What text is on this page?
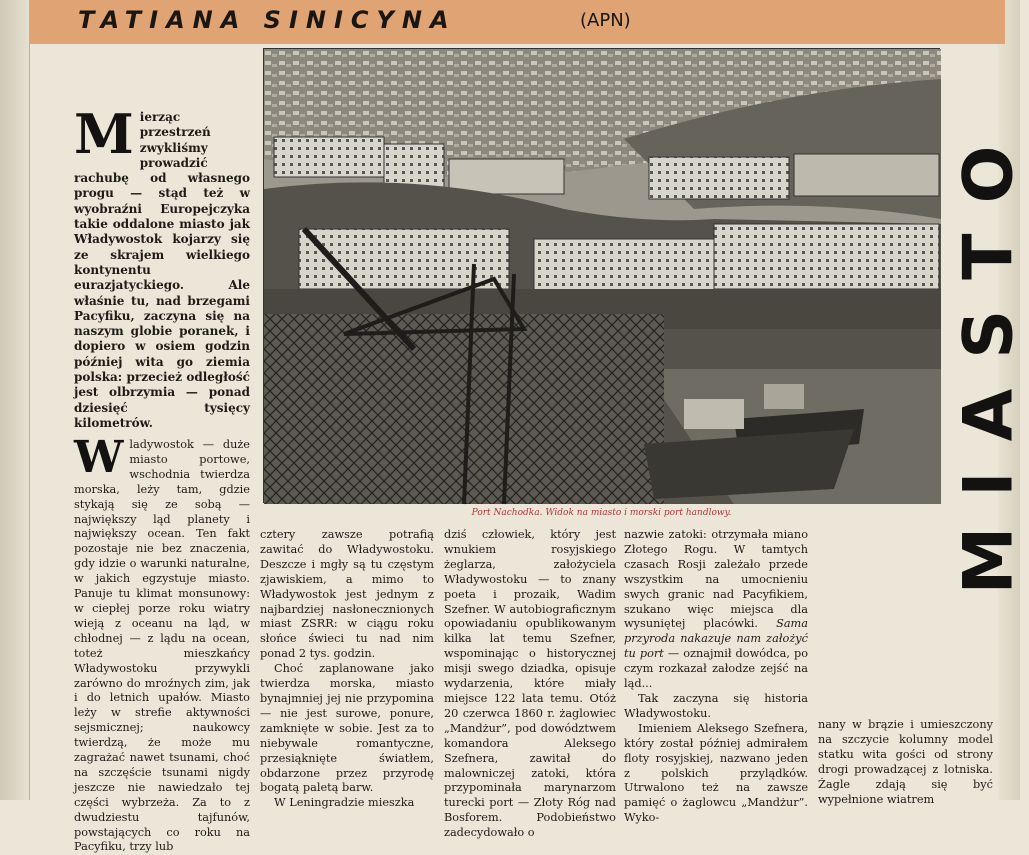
TATIANA SINICYNA	(APN)
Port Nachodka. Widok na miasto i morski port handlowy.	MIASTO
M ierząc przestrzeń zwykliśmy prowadzić rachubę od własnego progu — stąd też w wyobraźni Europejczyka takie oddalone miasto jak Władywostok kojarzy się ze skrajem wielkiego kontynentu eurazjatyckiego. Ale właśnie tu, nad brzegami Pacyfiku, zaczyna się na naszym globie poranek, i dopiero w osiem godzin później wita go ziemia polska: przecież odległość jest olbrzymia — ponad dziesięć tysięcy kilometrów.
W ladywostok — duże miasto portowe, wschodnia twierdza morska, leży tam, gdzie stykają się ze sobą — największy ląd planety i największy ocean. Ten fakt pozostaje nie bez znaczenia, gdy idzie o warunki naturalne, w jakich egzystuje miasto. Panuje tu klimat monsunowy: w ciepłej porze roku wiatry wieją z oceanu na ląd, w chłodnej — z lądu na ocean, toteż mieszkańcy Władywostoku przywykli zarówno do mroźnych zim, jak i do letnich upałów. Miasto leży w strefie aktywności sejsmicznej; naukowcy twierdzą, że może mu zagrażać nawet tsunami, choć na szczęście tsunami nigdy jeszcze nie nawiedzało tej części wybrzeża. Za to z dwudziestu tajfunów, powstających co roku na Pacyfiku, trzy lub

cztery zawsze potrafią zawitać do Władywostoku. Deszcze i mgły są tu częstym zjawiskiem, a mimo to Władywostok jest jednym z najbardziej nasłonecznionych miast ZSRR: w ciągu roku słońce świeci tu nad nim ponad 2 tys. godzin.

Choć zaplanowane jako twierdza morska, miasto bynajmniej jej nie przypomina — nie jest surowe, ponure, zamknięte w sobie. Jest za to niebywale romantyczne, przesiąknięte światłem, obdarzone przez przyrodę bogatą paletą barw.

W Leningradzie mieszka

dziś człowiek, który jest wnukiem rosyjskiego żeglarza, założyciela Władywostoku — to znany poeta i prozaik, Wadim Szefner. W autobiograficznym opowiadaniu opublikowanym kilka lat temu Szefner, wspominając o historycznej misji swego dziadka, opisuje wydarzenia, które miały miejsce 122 lata temu. Otóż 20 czerwca 1860 r. żaglowiec „Mandżur”, pod dowództwem komandora Aleksego Szefnera, zawitał do malowniczej zatoki, która przypominała marynarzom turecki port — Złoty Róg nad Bosforem. Podobieństwo zadecydowało o

nazwie zatoki: otrzymała miano Złotego Rogu. W tamtych czasach Rosji zależało przede wszystkim na umocnieniu swych granic nad Pacyfikiem, szukano więc miejsca dla wysuniętej placówki. Sama przyroda nakazuje nam założyć tu port — oznajmił dowódca, po czym rozkazał załodze zejść na ląd...

Tak zaczyna się historia Władywostoku.

Imieniem Aleksego Szefnera, który został później admirałem floty rosyjskiej, nazwano jeden z polskich przylądków. Utrwalono też na zawsze pamięć o żaglowcu „Mandżur”. Wyko-

nany w brązie i umieszczony na szczycie kolumny model statku wita gości od strony drogi prowadzącej z lotniska. Żagle zdają się być wypełnione wiatrem
